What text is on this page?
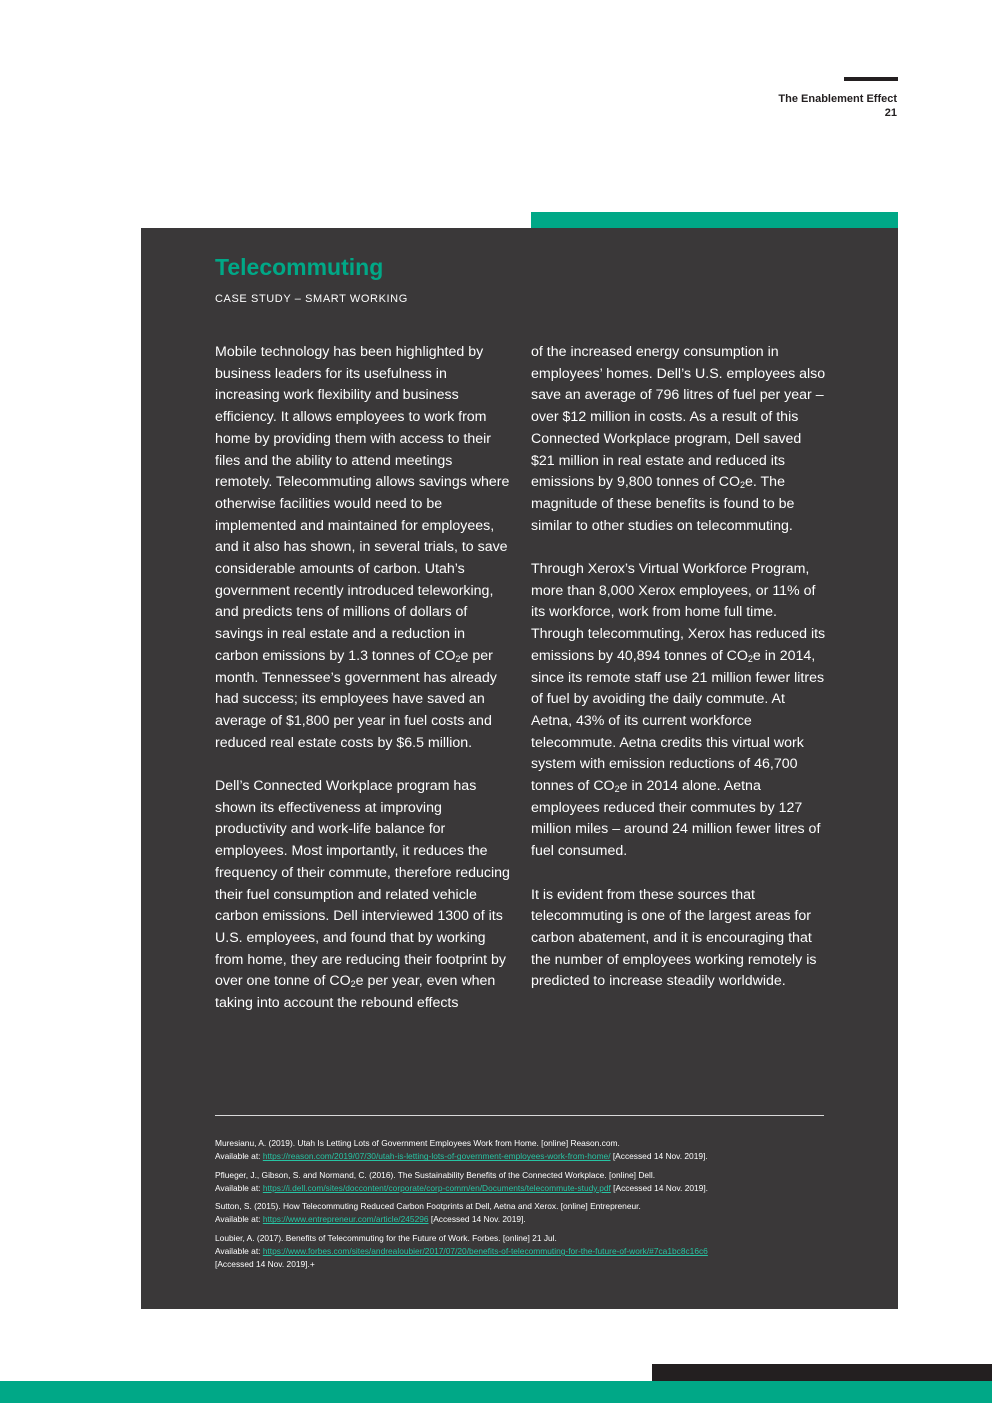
The Enablement Effect
21
Telecommuting
CASE STUDY – SMART WORKING

Mobile technology has been highlighted by business leaders for its usefulness in increasing work flexibility and business efficiency. It allows employees to work from home by providing them with access to their files and the ability to attend meetings remotely. Telecommuting allows savings where otherwise facilities would need to be implemented and maintained for employees, and it also has shown, in several trials, to save considerable amounts of carbon. Utah’s government recently introduced teleworking, and predicts tens of millions of dollars of savings in real estate and a reduction in carbon emissions by 1.3 tonnes of $CO_2e$ per month. Tennessee’s government has already had success; its employees have saved an average of $1,800 per year in fuel costs and reduced real estate costs by $6.5 million.

Dell’s Connected Workplace program has shown its effectiveness at improving productivity and work-life balance for employees. Most importantly, it reduces the frequency of their commute, therefore reducing their fuel consumption and related vehicle carbon emissions. Dell interviewed 1300 of its U.S. employees, and found that by working from home, they are reducing their footprint by over one tonne of $CO_2e$ per year, even when taking into account the rebound effects

of the increased energy consumption in employees’ homes. Dell’s U.S. employees also save an average of 796 litres of fuel per year – over $12 million in costs. As a result of this Connected Workplace program, Dell saved $21 million in real estate and reduced its emissions by 9,800 tonnes of $CO_2e$. The magnitude of these benefits is found to be similar to other studies on telecommuting.

Through Xerox’s Virtual Workforce Program, more than 8,000 Xerox employees, or 11% of its workforce, work from home full time. Through telecommuting, Xerox has reduced its emissions by 40,894 tonnes of $CO_2e$ in 2014, since its remote staff use 21 million fewer litres of fuel by avoiding the daily commute. At Aetna, 43% of its current workforce telecommute. Aetna credits this virtual work system with emission reductions of 46,700 tonnes of $CO_2e$ in 2014 alone. Aetna employees reduced their commutes by 127 million miles – around 24 million fewer litres of fuel consumed.

It is evident from these sources that telecommuting is one of the largest areas for carbon abatement, and it is encouraging that the number of employees working remotely is predicted to increase steadily worldwide.

Muresianu, A. (2019). Utah Is Letting Lots of Government Employees Work from Home. [online] Reason.com.
Available at: https://reason.com/2019/07/30/utah-is-letting-lots-of-government-employees-work-from-home/ [Accessed 14 Nov. 2019].
Pflueger, J., Gibson, S. and Normand, C. (2016). The Sustainability Benefits of the Connected Workplace. [online] Dell.
Available at: https://i.dell.com/sites/doccontent/corporate/corp-comm/en/Documents/telecommute-study.pdf [Accessed 14 Nov. 2019].
Sutton, S. (2015). How Telecommuting Reduced Carbon Footprints at Dell, Aetna and Xerox. [online] Entrepreneur.
Available at: https://www.entrepreneur.com/article/245296 [Accessed 14 Nov. 2019].
Loubier, A. (2017). Benefits of Telecommuting for the Future of Work. Forbes. [online] 21 Jul.
Available at: https://www.forbes.com/sites/andrealoubier/2017/07/20/benefits-of-telecommuting-for-the-future-of-work/#7ca1bc8c16c6
[Accessed 14 Nov. 2019].+
